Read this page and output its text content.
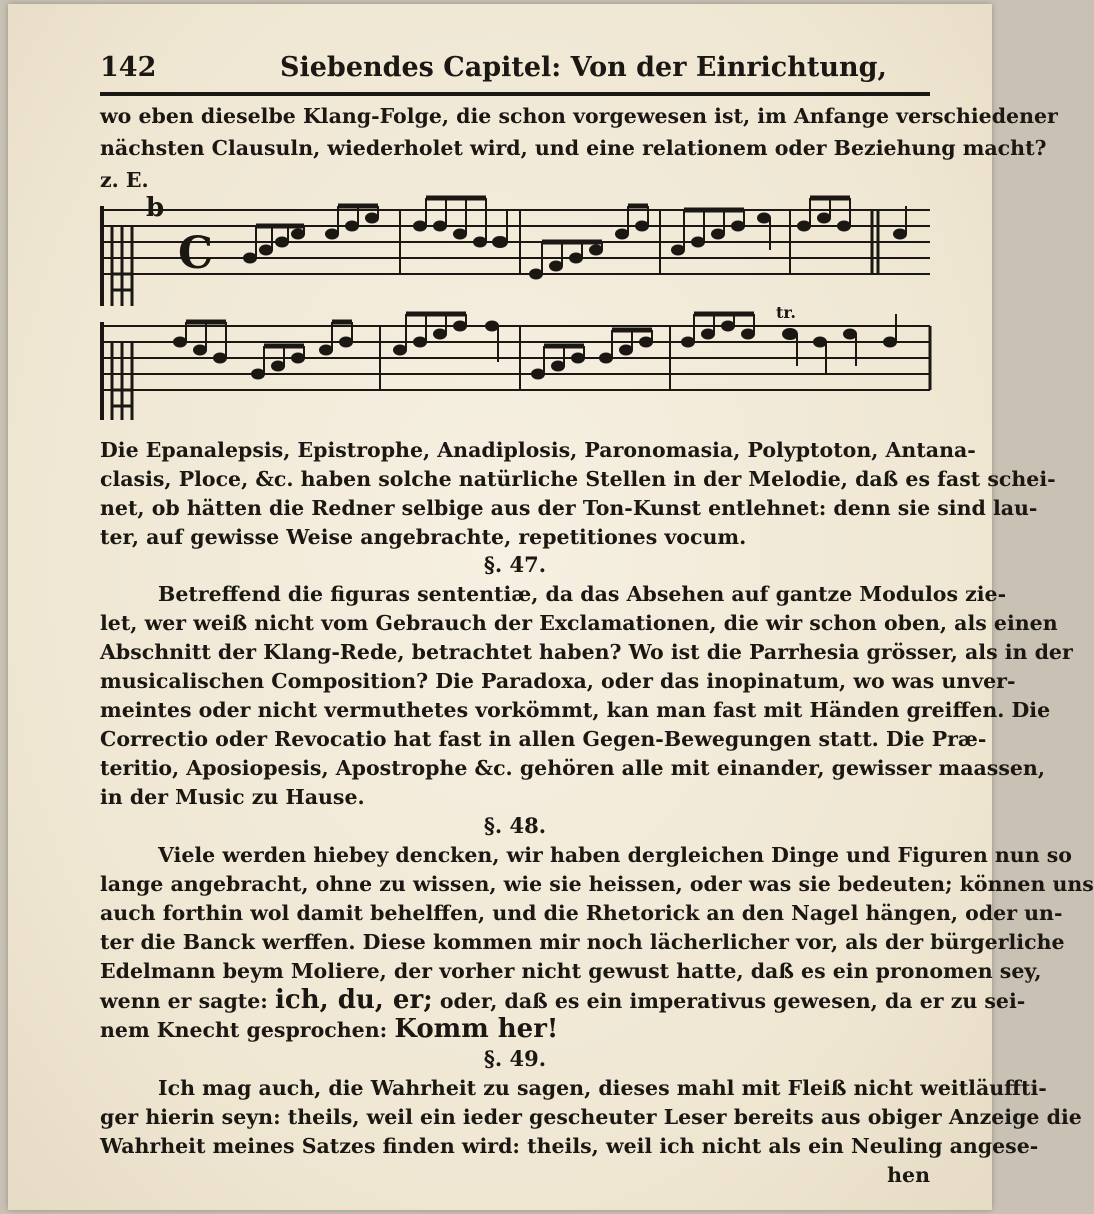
142	Siebendes Capitel: Von der Einrichtung,
wo eben dieselbe Klang-Folge, die schon vorgewesen ist, im Anfange verschiedener
nächsten Clausuln, wiederholet wird, und eine relationem oder Beziehung macht?
z. E.
b
C
tr.
Die Epanalepsis, Epistrophe, Anadiplosis, Paronomasia, Polyptoton, Antana-
clasis, Ploce, &c. haben solche natürliche Stellen in der Melodie, daß es fast schei-
net, ob hätten die Redner selbige aus der Ton-Kunst entlehnet: denn sie sind lau-
ter, auf gewisse Weise angebrachte, repetitiones vocum.
§. 47.
Betreffend die figuras sententiæ, da das Absehen auf gantze Modulos zie-
let, wer weiß nicht vom Gebrauch der Exclamationen, die wir schon oben, als einen
Abschnitt der Klang-Rede, betrachtet haben? Wo ist die Parrhesia grösser, als in der
musicalischen Composition? Die Paradoxa, oder das inopinatum, wo was unver-
meintes oder nicht vermuthetes vorkömmt, kan man fast mit Händen greiffen. Die
Correctio oder Revocatio hat fast in allen Gegen-Bewegungen statt. Die Præ-
teritio, Aposiopesis, Apostrophe &c. gehören alle mit einander, gewisser maassen,
in der Music zu Hause.
§. 48.
Viele werden hiebey dencken, wir haben dergleichen Dinge und Figuren nun so
lange angebracht, ohne zu wissen, wie sie heissen, oder was sie bedeuten; können uns
auch forthin wol damit behelffen, und die Rhetorick an den Nagel hängen, oder un-
ter die Banck werffen. Diese kommen mir noch lächerlicher vor, als der bürgerliche
Edelmann beym Moliere, der vorher nicht gewust hatte, daß es ein pronomen sey,
wenn er sagte: ich, du, er; oder, daß es ein imperativus gewesen, da er zu sei-
nem Knecht gesprochen: Komm her!
§. 49.
Ich mag auch, die Wahrheit zu sagen, dieses mahl mit Fleiß nicht weitläuffti-
ger hierin seyn: theils, weil ein ieder gescheuter Leser bereits aus obiger Anzeige die
Wahrheit meines Satzes finden wird: theils, weil ich nicht als ein Neuling angese-
hen
